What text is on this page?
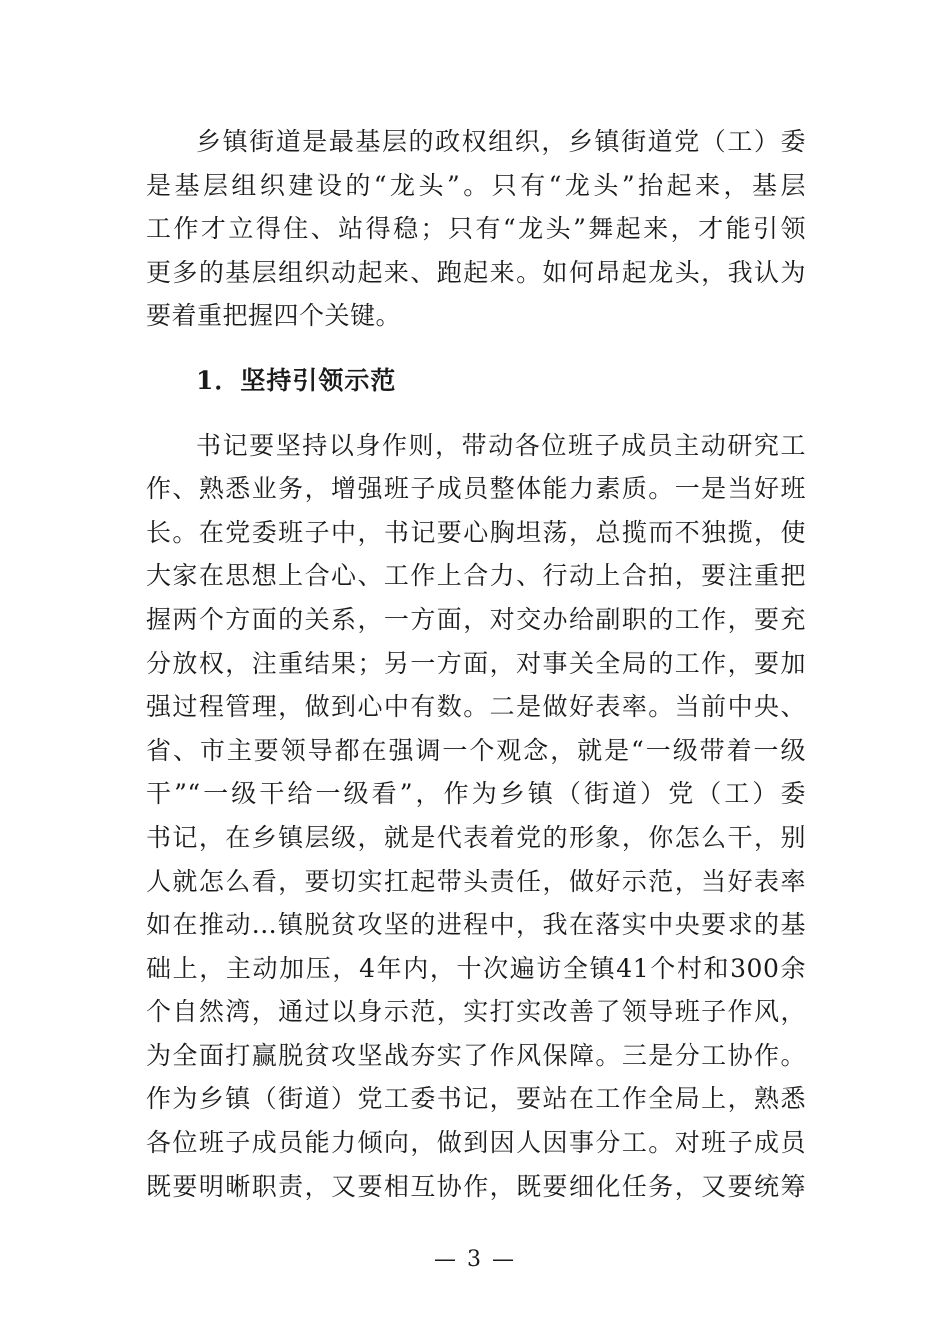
乡镇街道是最基层的政权组织，乡镇街道党（工）委
是基层组织建设的“龙头”。只有“龙头”抬起来，基层
工作才立得住、站得稳；只有“龙头”舞起来，才能引领
更多的基层组织动起来、跑起来。如何昂起龙头，我认为
要着重把握四个关键。
1．坚持引领示范
书记要坚持以身作则，带动各位班子成员主动研究工
作、熟悉业务，增强班子成员整体能力素质。一是当好班
长。在党委班子中，书记要心胸坦荡，总揽而不独揽，使
大家在思想上合心、工作上合力、行动上合拍，要注重把
握两个方面的关系，一方面，对交办给副职的工作，要充
分放权，注重结果；另一方面，对事关全局的工作，要加
强过程管理，做到心中有数。二是做好表率。当前中央、
省、市主要领导都在强调一个观念，就是“一级带着一级
干”“一级干给一级看”，作为乡镇（街道）党（工）委
书记，在乡镇层级，就是代表着党的形象，你怎么干，别
人就怎么看，要切实扛起带头责任，做好示范，当好表率
如在推动...镇脱贫攻坚的进程中，我在落实中央要求的基
础上，主动加压，4年内，十次遍访全镇41个村和300余
个自然湾，通过以身示范，实打实改善了领导班子作风，
为全面打赢脱贫攻坚战夯实了作风保障。三是分工协作。
作为乡镇（街道）党工委书记，要站在工作全局上，熟悉
各位班子成员能力倾向，做到因人因事分工。对班子成员
既要明晰职责，又要相互协作，既要细化任务，又要统筹
— 3 —
